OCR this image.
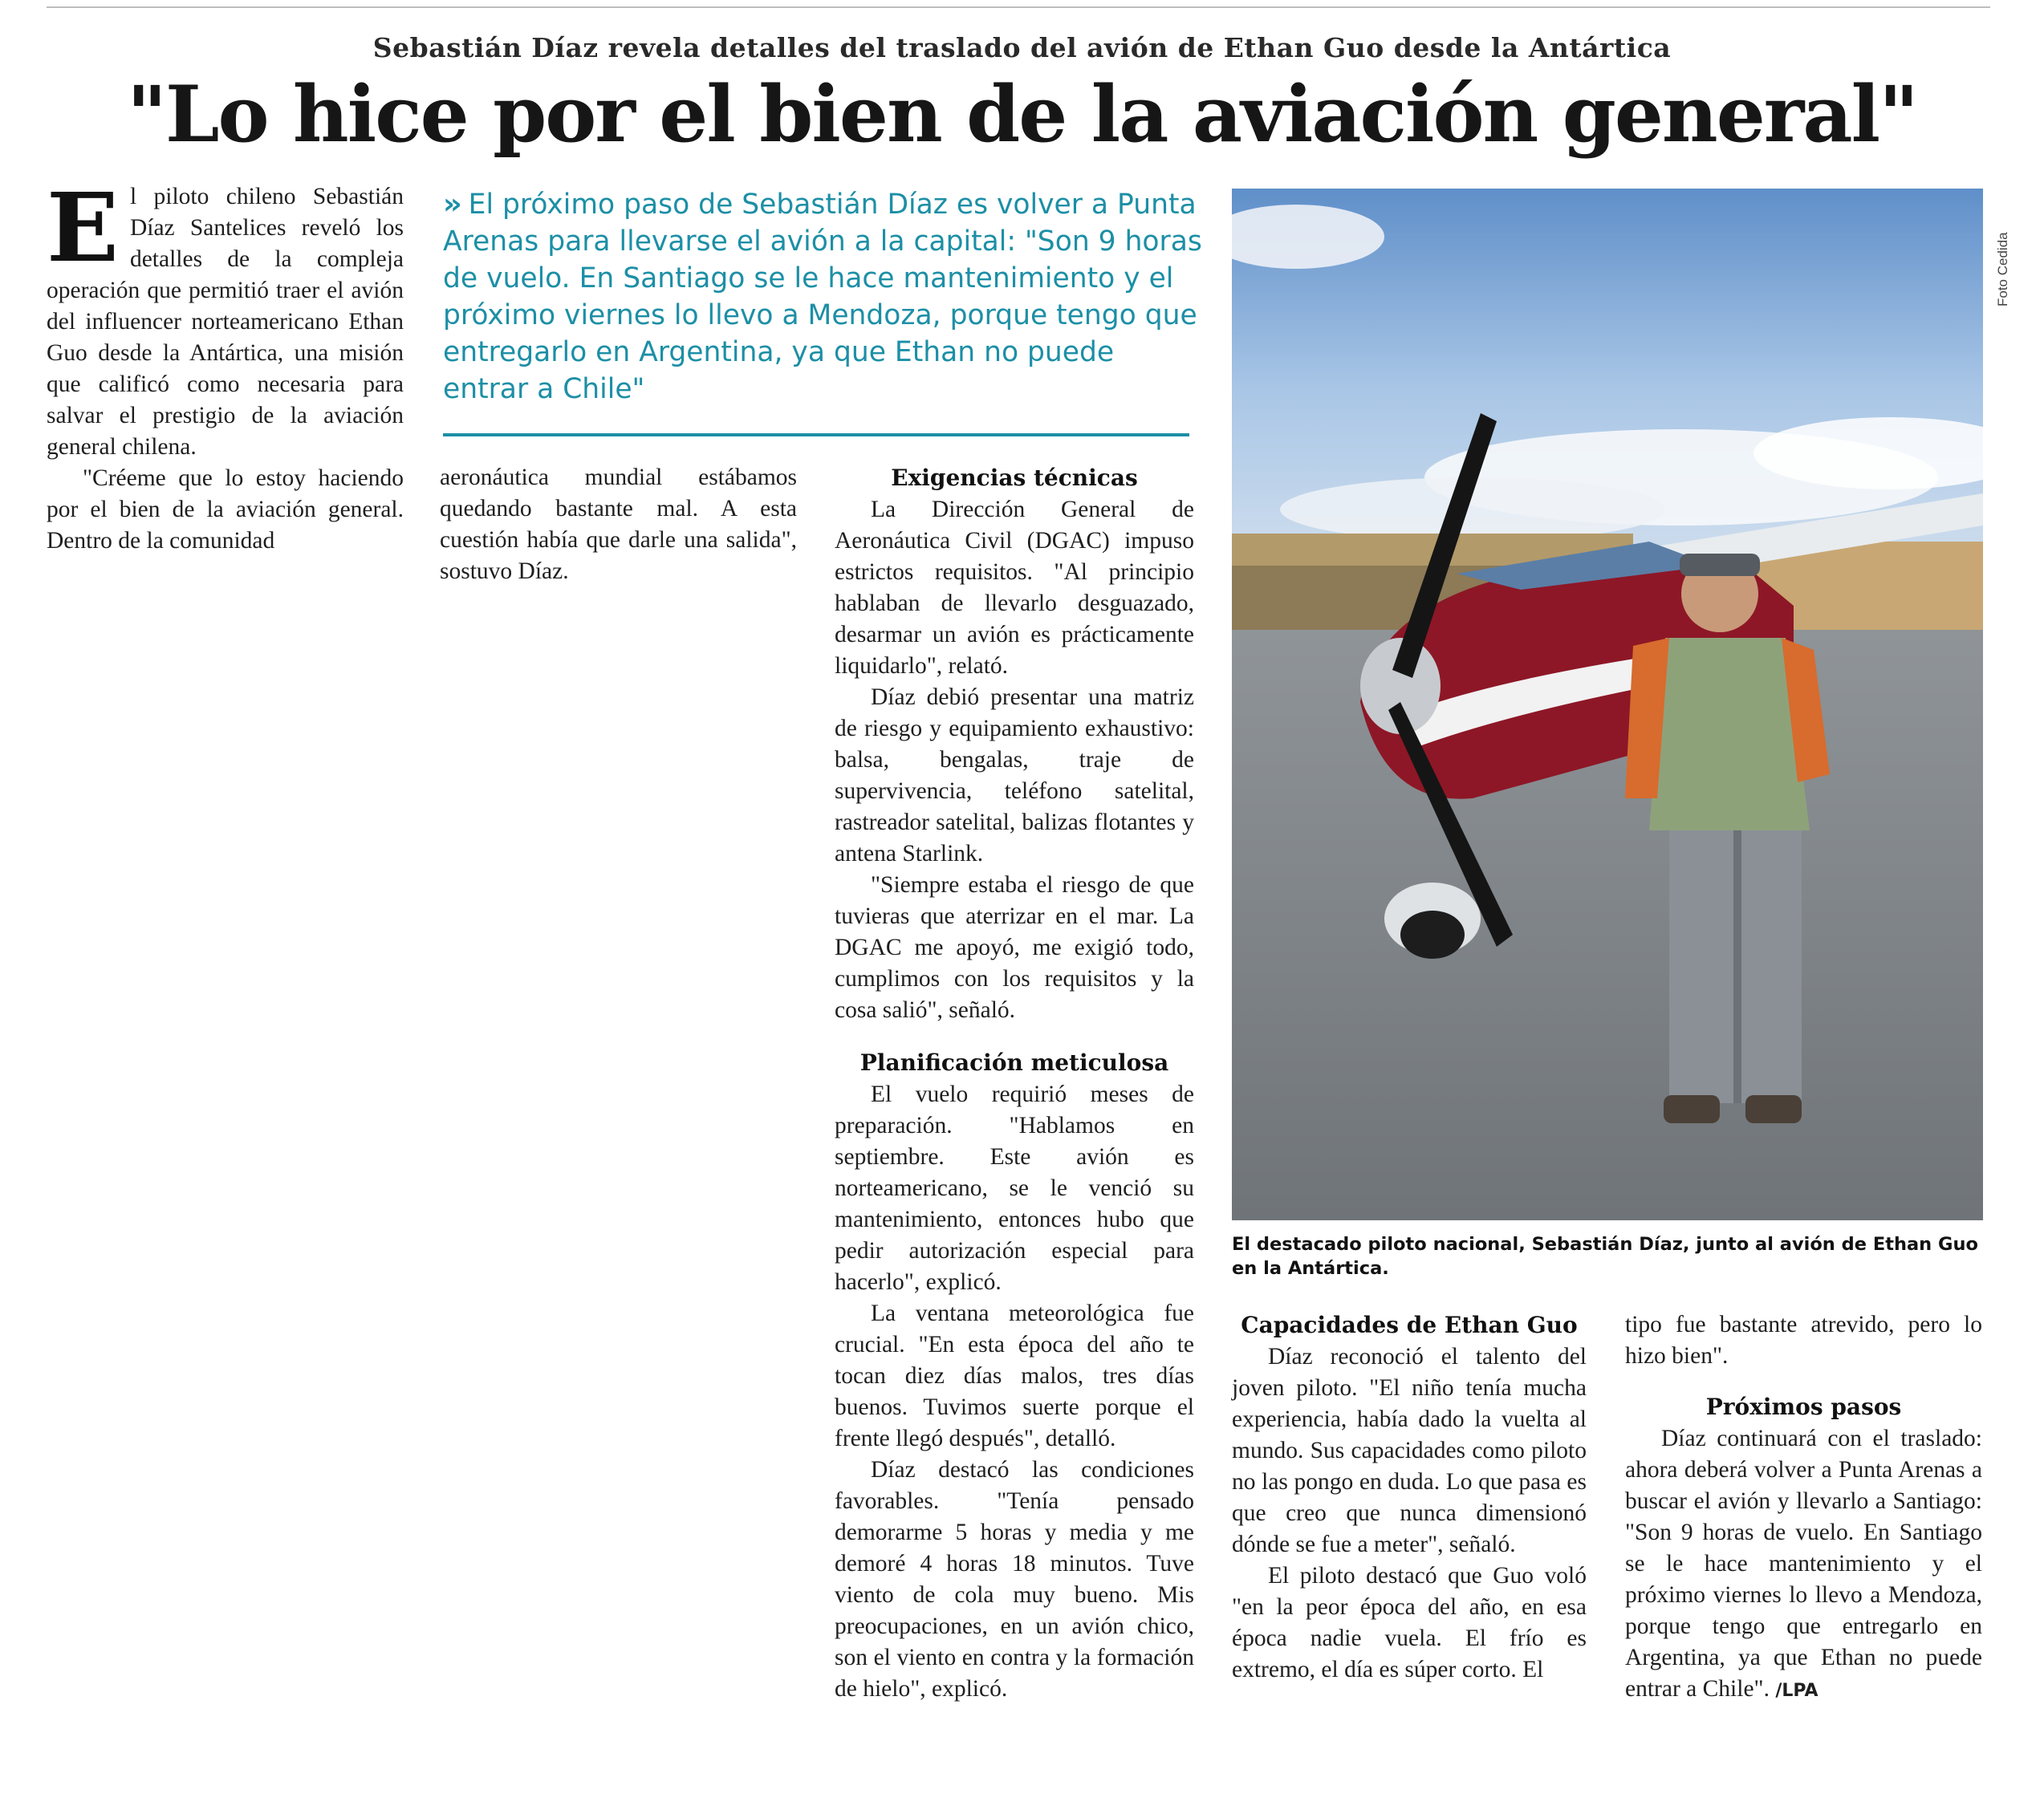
Sebastián Díaz revela detalles del traslado del avión de Ethan Guo desde la Antártica
"Lo hice por el bien de la aviación general"

El piloto chileno Sebastián Díaz Santelices reveló los detalles de la compleja operación que permitió traer el avión del influencer norteamericano Ethan Guo desde la Antártica, una misión que calificó como necesaria para salvar el prestigio de la aviación general chilena.

"Créeme que lo estoy haciendo por el bien de la aviación general. Dentro de la comunidad

›› El próximo paso de Sebastián Díaz es volver a Punta Arenas para llevarse el avión a la capital: "Son 9 horas de vuelo. En Santiago se le hace mantenimiento y el próximo viernes lo llevo a Mendoza, porque tengo que entregarlo en Argentina, ya que Ethan no puede entrar a Chile"

aeronáutica mundial estábamos quedando bastante mal. A esta cuestión había que darle una salida", sostuvo Díaz.

Exigencias técnicas

La Dirección General de Aeronáutica Civil (DGAC) impuso estrictos requisitos. "Al principio hablaban de llevarlo desguazado, desarmar un avión es prácticamente liquidarlo", relató.

Díaz debió presentar una matriz de riesgo y equipamiento exhaustivo: balsa, bengalas, traje de supervivencia, teléfono satelital, rastreador satelital, balizas flotantes y antena Starlink.

"Siempre estaba el riesgo de que tuvieras que aterrizar en el mar. La DGAC me apoyó, me exigió todo, cumplimos con los requisitos y la cosa salió", señaló.

Planificación meticulosa

El vuelo requirió meses de preparación. "Hablamos en septiembre. Este avión es norteamericano, se le venció su mantenimiento, entonces hubo que pedir autorización especial para hacerlo", explicó.

La ventana meteorológica fue crucial. "En esta época del año te tocan diez días malos, tres días buenos. Tuvimos suerte porque el frente llegó después", detalló.

Díaz destacó las condiciones favorables. "Tenía pensado demorarme 5 horas y media y me demoré 4 horas 18 minutos. Tuve viento de cola muy bueno. Mis preocupaciones, en un avión chico, son el viento en contra y la formación de hielo", explicó.

Foto Cedida
El destacado piloto nacional, Sebastián Díaz, junto al avión de Ethan Guo en la Antártica.
Capacidades de Ethan Guo

Díaz reconoció el talento del joven piloto. "El niño tenía mucha experiencia, había dado la vuelta al mundo. Sus capacidades como piloto no las pongo en duda. Lo que pasa es que creo que nunca dimensionó dónde se fue a meter", señaló.

El piloto destacó que Guo voló "en la peor época del año, en esa época nadie vuela. El frío es extremo, el día es súper corto. El

tipo fue bastante atrevido, pero lo hizo bien".

Próximos pasos

Díaz continuará con el traslado: ahora deberá volver a Punta Arenas a buscar el avión y llevarlo a Santiago: "Son 9 horas de vuelo. En Santiago se le hace mantenimiento y el próximo viernes lo llevo a Mendoza, porque tengo que entregarlo en Argentina, ya que Ethan no puede entrar a Chile". /LPA
